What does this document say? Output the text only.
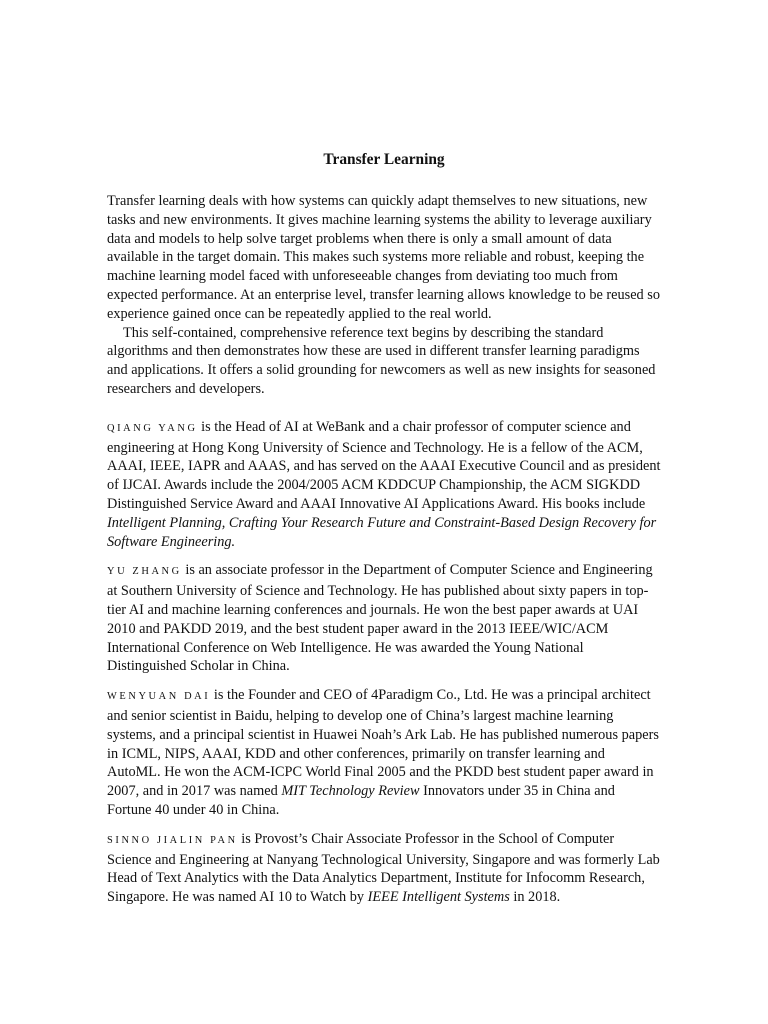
Transfer Learning

Transfer learning deals with how systems can quickly adapt themselves to new situations, new tasks and new environments. It gives machine learning systems the ability to leverage auxiliary data and models to help solve target problems when there is only a small amount of data available in the target domain. This makes such systems more reliable and robust, keeping the machine learning model faced with unforeseeable changes from deviating too much from expected performance. At an enterprise level, transfer learning allows knowledge to be reused so experience gained once can be repeatedly applied to the real world.

This self-contained, comprehensive reference text begins by describing the standard algorithms and then demonstrates how these are used in different transfer learning paradigms and applications. It offers a solid grounding for newcomers as well as new insights for seasoned researchers and developers.

QIANG YANG is the Head of AI at WeBank and a chair professor of computer science and engineering at Hong Kong University of Science and Technology. He is a fellow of the ACM, AAAI, IEEE, IAPR and AAAS, and has served on the AAAI Executive Council and as president of IJCAI. Awards include the 2004/2005 ACM KDDCUP Championship, the ACM SIGKDD Distinguished Service Award and AAAI Innovative AI Applications Award. His books include Intelligent Planning, Crafting Your Research Future and Constraint-Based Design Recovery for Software Engineering.

YU ZHANG is an associate professor in the Department of Computer Science and Engineering at Southern University of Science and Technology. He has published about sixty papers in top-tier AI and machine learning conferences and journals. He won the best paper awards at UAI 2010 and PAKDD 2019, and the best student paper award in the 2013 IEEE/WIC/ACM International Conference on Web Intelligence. He was awarded the Young National Distinguished Scholar in China.

WENYUAN DAI is the Founder and CEO of 4Paradigm Co., Ltd. He was a principal architect and senior scientist in Baidu, helping to develop one of China’s largest machine learning systems, and a principal scientist in Huawei Noah’s Ark Lab. He has published numerous papers in ICML, NIPS, AAAI, KDD and other conferences, primarily on transfer learning and AutoML. He won the ACM-ICPC World Final 2005 and the PKDD best student paper award in 2007, and in 2017 was named MIT Technology Review Innovators under 35 in China and Fortune 40 under 40 in China.

SINNO JIALIN PAN is Provost’s Chair Associate Professor in the School of Computer Science and Engineering at Nanyang Technological University, Singapore and was formerly Lab Head of Text Analytics with the Data Analytics Department, Institute for Infocomm Research, Singapore. He was named AI 10 to Watch by IEEE Intelligent Systems in 2018.
